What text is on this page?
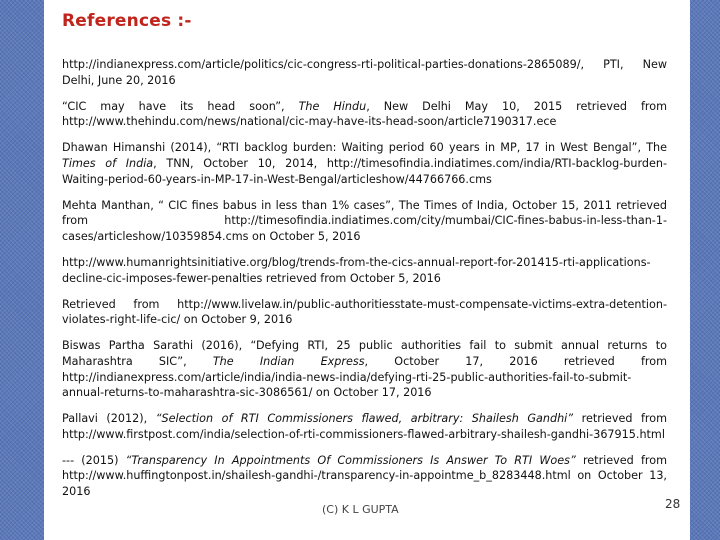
References :-

http://indianexpress.com/article/politics/cic-congress-rti-political-parties-donations-2865089/, PTI, New Delhi, June 20, 2016

“CIC may have its head soon”, The Hindu, New Delhi May 10, 2015 retrieved from http://www.thehindu.com/news/national/cic-may-have-its-head-soon/article7190317.ece

Dhawan Himanshi (2014), “RTI backlog burden: Waiting period 60 years in MP, 17 in West Bengal”, The Times of India, TNN, October 10, 2014, http://timesofindia.indiatimes.com/india/RTI-backlog-burden-Waiting-period-60-years-in-MP-17-in-West-Bengal/articleshow/44766766.cms

Mehta Manthan, “ CIC fines babus in less than 1% cases”, The Times of India, October 15, 2011 retrieved from http://timesofindia.indiatimes.com/city/mumbai/CIC-fines-babus-in-less-than-1-cases/articleshow/10359854.cms on October 5, 2016

http://www.humanrightsinitiative.org/blog/trends-from-the-cics-annual-report-for-201415-rti-applications-decline-cic-imposes-fewer-penalties retrieved from October 5, 2016

Retrieved from http://www.livelaw.in/public-authoritiesstate-must-compensate-victims-extra-detention-violates-right-life-cic/ on October 9, 2016

Biswas Partha Sarathi (2016), “Defying RTI, 25 public authorities fail to submit annual returns to Maharashtra SIC”, The Indian Express, October 17, 2016 retrieved from http://indianexpress.com/article/india/india-news-india/defying-rti-25-public-authorities-fail-to-submit-annual-returns-to-maharashtra-sic-3086561/ on October 17, 2016

Pallavi (2012), “Selection of RTI Commissioners flawed, arbitrary: Shailesh Gandhi” retrieved from http://www.firstpost.com/india/selection-of-rti-commissioners-flawed-arbitrary-shailesh-gandhi-367915.html

--- (2015) “Transparency In Appointments Of Commissioners Is Answer To RTI Woes” retrieved from http://www.huffingtonpost.in/shailesh-gandhi-/transparency-in-appointme_b_8283448.html on October 13, 2016

(C) K L GUPTA	28
